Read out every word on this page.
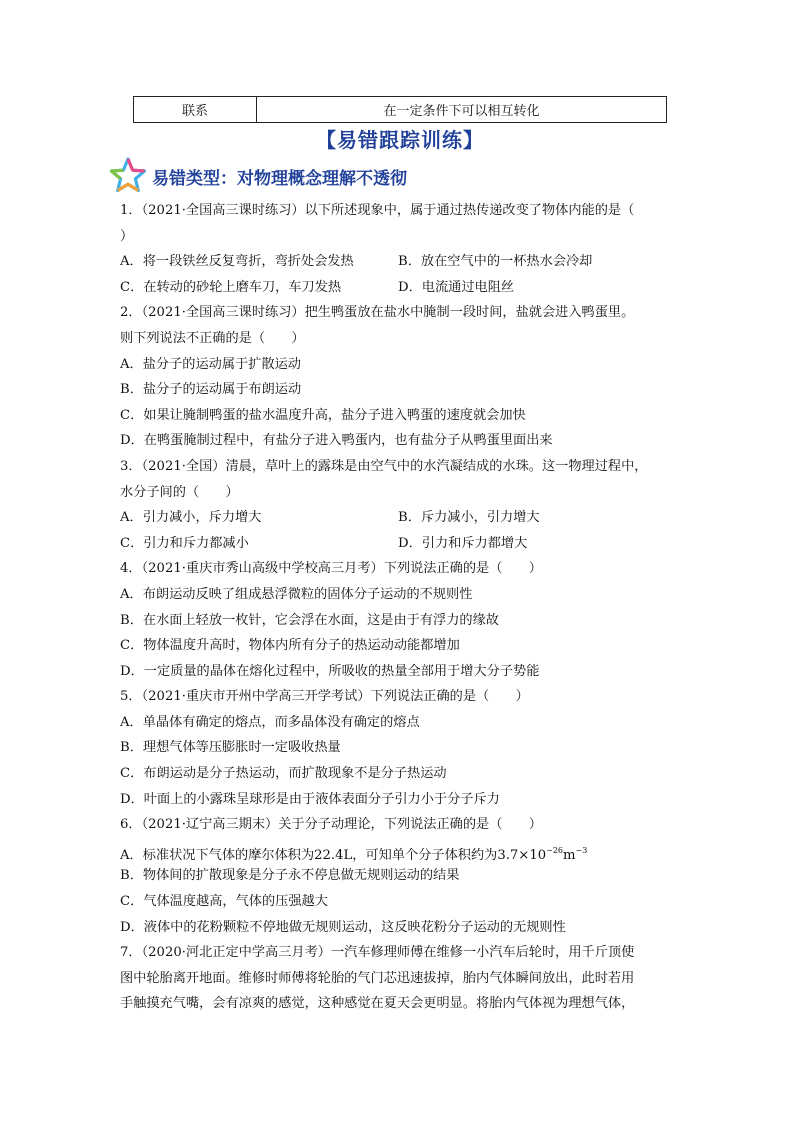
联系	在一定条件下可以相互转化
【易错跟踪训练】
易错类型：对物理概念理解不透彻
1．（2021·全国高三课时练习）以下所述现象中，属于通过热传递改变了物体内能的是（
）
A．将一段铁丝反复弯折，弯折处会发热	B．放在空气中的一杯热水会冷却
C．在转动的砂轮上磨车刀，车刀发热	D．电流通过电阻丝
2．（2021·全国高三课时练习）把生鸭蛋放在盐水中腌制一段时间，盐就会进入鸭蛋里。
则下列说法不正确的是（　　）
A．盐分子的运动属于扩散运动
B．盐分子的运动属于布朗运动
C．如果让腌制鸭蛋的盐水温度升高，盐分子进入鸭蛋的速度就会加快
D．在鸭蛋腌制过程中，有盐分子进入鸭蛋内，也有盐分子从鸭蛋里面出来
3．（2021·全国）清晨，草叶上的露珠是由空气中的水汽凝结成的水珠。这一物理过程中，
水分子间的（　　）
A．引力减小，斥力增大	B．斥力减小，引力增大
C．引力和斥力都减小	D．引力和斥力都增大
4．（2021·重庆市秀山高级中学校高三月考）下列说法正确的是（　　）
A．布朗运动反映了组成悬浮微粒的固体分子运动的不规则性
B．在水面上轻放一枚针，它会浮在水面，这是由于有浮力的缘故
C．物体温度升高时，物体内所有分子的热运动动能都增加
D．一定质量的晶体在熔化过程中，所吸收的热量全部用于增大分子势能
5．（2021·重庆市开州中学高三开学考试）下列说法正确的是（　　）
A．单晶体有确定的熔点，而多晶体没有确定的熔点
B．理想气体等压膨胀时一定吸收热量
C．布朗运动是分子热运动，而扩散现象不是分子热运动
D．叶面上的小露珠呈球形是由于液体表面分子引力小于分子斥力
6．（2021·辽宁高三期末）关于分子动理论，下列说法正确的是（　　）
A．标准状况下气体的摩尔体积为22.4L，可知单个分子体积约为$3.7\times 10^{-26}m^{-3}$
B．物体间的扩散现象是分子永不停息做无规则运动的结果
C．气体温度越高，气体的压强越大
D．液体中的花粉颗粒不停地做无规则运动，这反映花粉分子运动的无规则性
7．（2020·河北正定中学高三月考）一汽车修理师傅在维修一小汽车后轮时，用千斤顶使
图中轮胎离开地面。维修时师傅将轮胎的气门芯迅速拔掉，胎内气体瞬间放出，此时若用
手触摸充气嘴，会有凉爽的感觉，这种感觉在夏天会更明显。将胎内气体视为理想气体，
